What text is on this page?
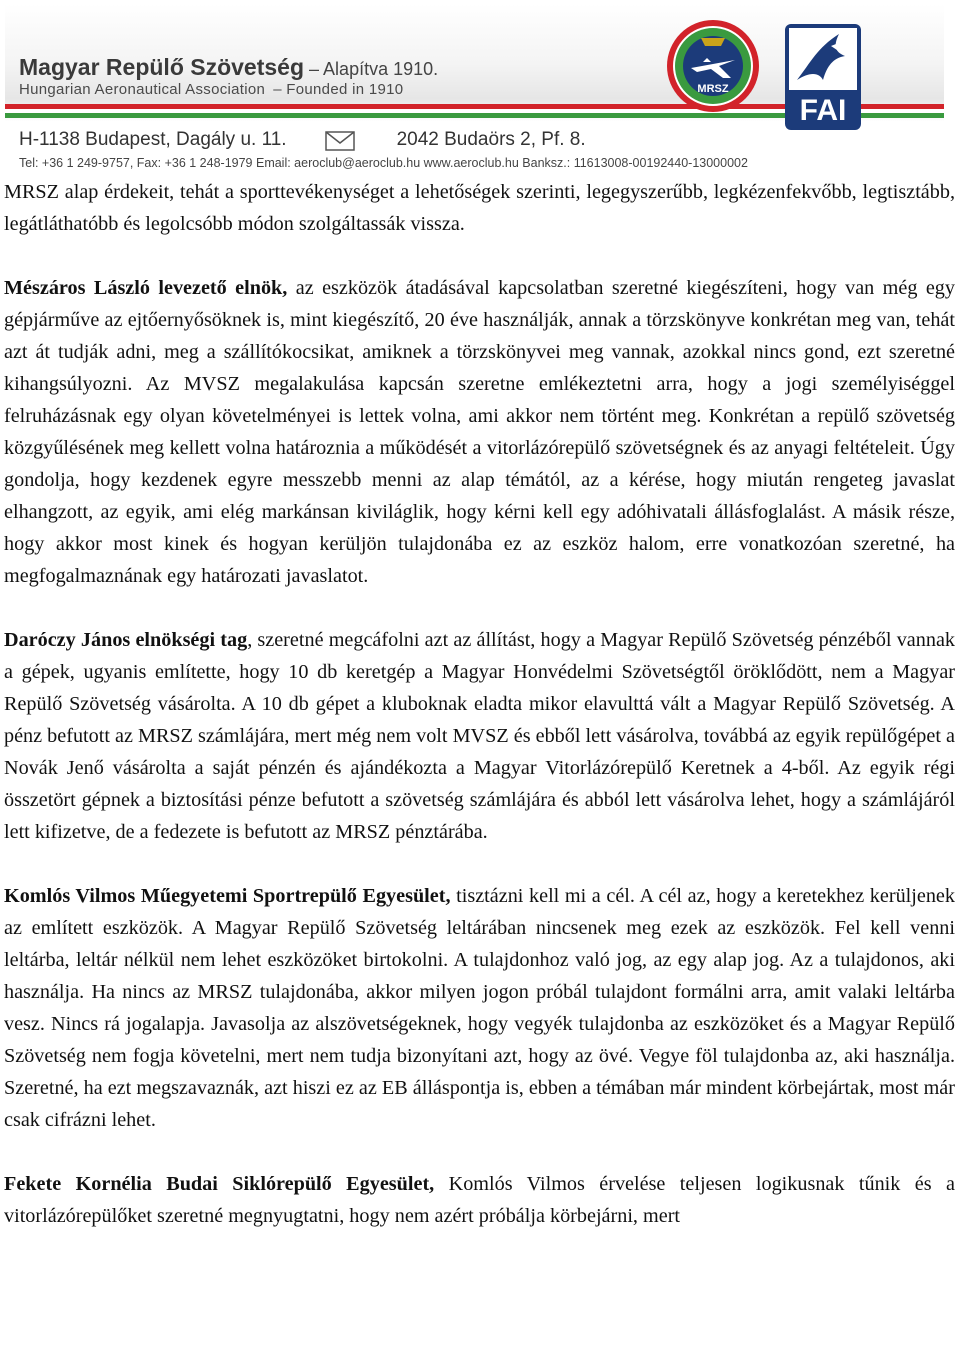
Magyar Repülő Szövetség – Alapítva 1910.
Hungarian Aeronautical Association – Founded in 1910	MRSZ
FAI
H-1138 Budapest, Dagály u. 11.	2042 Budaörs 2, Pf. 8.
Tel: +36 1 249-9757, Fax: +36 1 248-1979 Email: aeroclub@aeroclub.hu www.aeroclub.hu Banksz.: 11613008-00192440-13000002

MRSZ alap érdekeit, tehát a sporttevékenységet a lehetőségek szerinti, legegyszerűbb, legkézenfekvőbb, legtisztább, legátláthatóbb és legolcsóbb módon szolgáltassák vissza.

Mészáros László levezető elnök, az eszközök átadásával kapcsolatban szeretné kiegészíteni, hogy van még egy gépjárműve az ejtőernyősöknek is, mint kiegészítő, 20 éve használják, annak a törzskönyve konkrétan meg van, tehát azt át tudják adni, meg a szállítókocsikat, amiknek a törzskönyvei meg vannak, azokkal nincs gond, ezt szeretné kihangsúlyozni. Az MVSZ megalakulása kapcsán szeretne emlékeztetni arra, hogy a jogi személyiséggel felruházásnak egy olyan követelményei is lettek volna, ami akkor nem történt meg. Konkrétan a repülő szövetség közgyűlésének meg kellett volna határoznia a működését a vitorlázórepülő szövetségnek és az anyagi feltételeit. Úgy gondolja, hogy kezdenek egyre messzebb menni az alap témától, az a kérése, hogy miután rengeteg javaslat elhangzott, az egyik, ami elég markánsan kiviláglik, hogy kérni kell egy adóhivatali állásfoglalást. A másik része, hogy akkor most kinek és hogyan kerüljön tulajdonába ez az eszköz halom, erre vonatkozóan szeretné, ha megfogalmaznának egy határozati javaslatot.

Daróczy János elnökségi tag, szeretné megcáfolni azt az állítást, hogy a Magyar Repülő Szövetség pénzéből vannak a gépek, ugyanis említette, hogy 10 db keretgép a Magyar Honvédelmi Szövetségtől öröklődött, nem a Magyar Repülő Szövetség vásárolta. A 10 db gépet a kluboknak eladta mikor elavulttá vált a Magyar Repülő Szövetség. A pénz befutott az MRSZ számlájára, mert még nem volt MVSZ és ebből lett vásárolva, továbbá az egyik repülőgépet a Novák Jenő vásárolta a saját pénzén és ajándékozta a Magyar Vitorlázórepülő Keretnek a 4-ből. Az egyik régi összetört gépnek a biztosítási pénze befutott a szövetség számlájára és abból lett vásárolva lehet, hogy a számlájáról lett kifizetve, de a fedezete is befutott az MRSZ pénztárába.

Komlós Vilmos Műegyetemi Sportrepülő Egyesület, tisztázni kell mi a cél. A cél az, hogy a keretekhez kerüljenek az említett eszközök. A Magyar Repülő Szövetség leltárában nincsenek meg ezek az eszközök. Fel kell venni leltárba, leltár nélkül nem lehet eszközöket birtokolni. A tulajdonhoz való jog, az egy alap jog. Az a tulajdonos, aki használja. Ha nincs az MRSZ tulajdonába, akkor milyen jogon próbál tulajdont formálni arra, amit valaki leltárba vesz. Nincs rá jogalapja. Javasolja az alszövetségeknek, hogy vegyék tulajdonba az eszközöket és a Magyar Repülő Szövetség nem fogja követelni, mert nem tudja bizonyítani azt, hogy az övé. Vegye föl tulajdonba az, aki használja. Szeretné, ha ezt megszavaznák, azt hiszi ez az EB álláspontja is, ebben a témában már mindent körbejártak, most már csak cifrázni lehet.

Fekete Kornélia Budai Siklórepülő Egyesület, Komlós Vilmos érvelése teljesen logikusnak tűnik és a vitorlázórepülőket szeretné megnyugtatni, hogy nem azért próbálja körbejárni, mert
